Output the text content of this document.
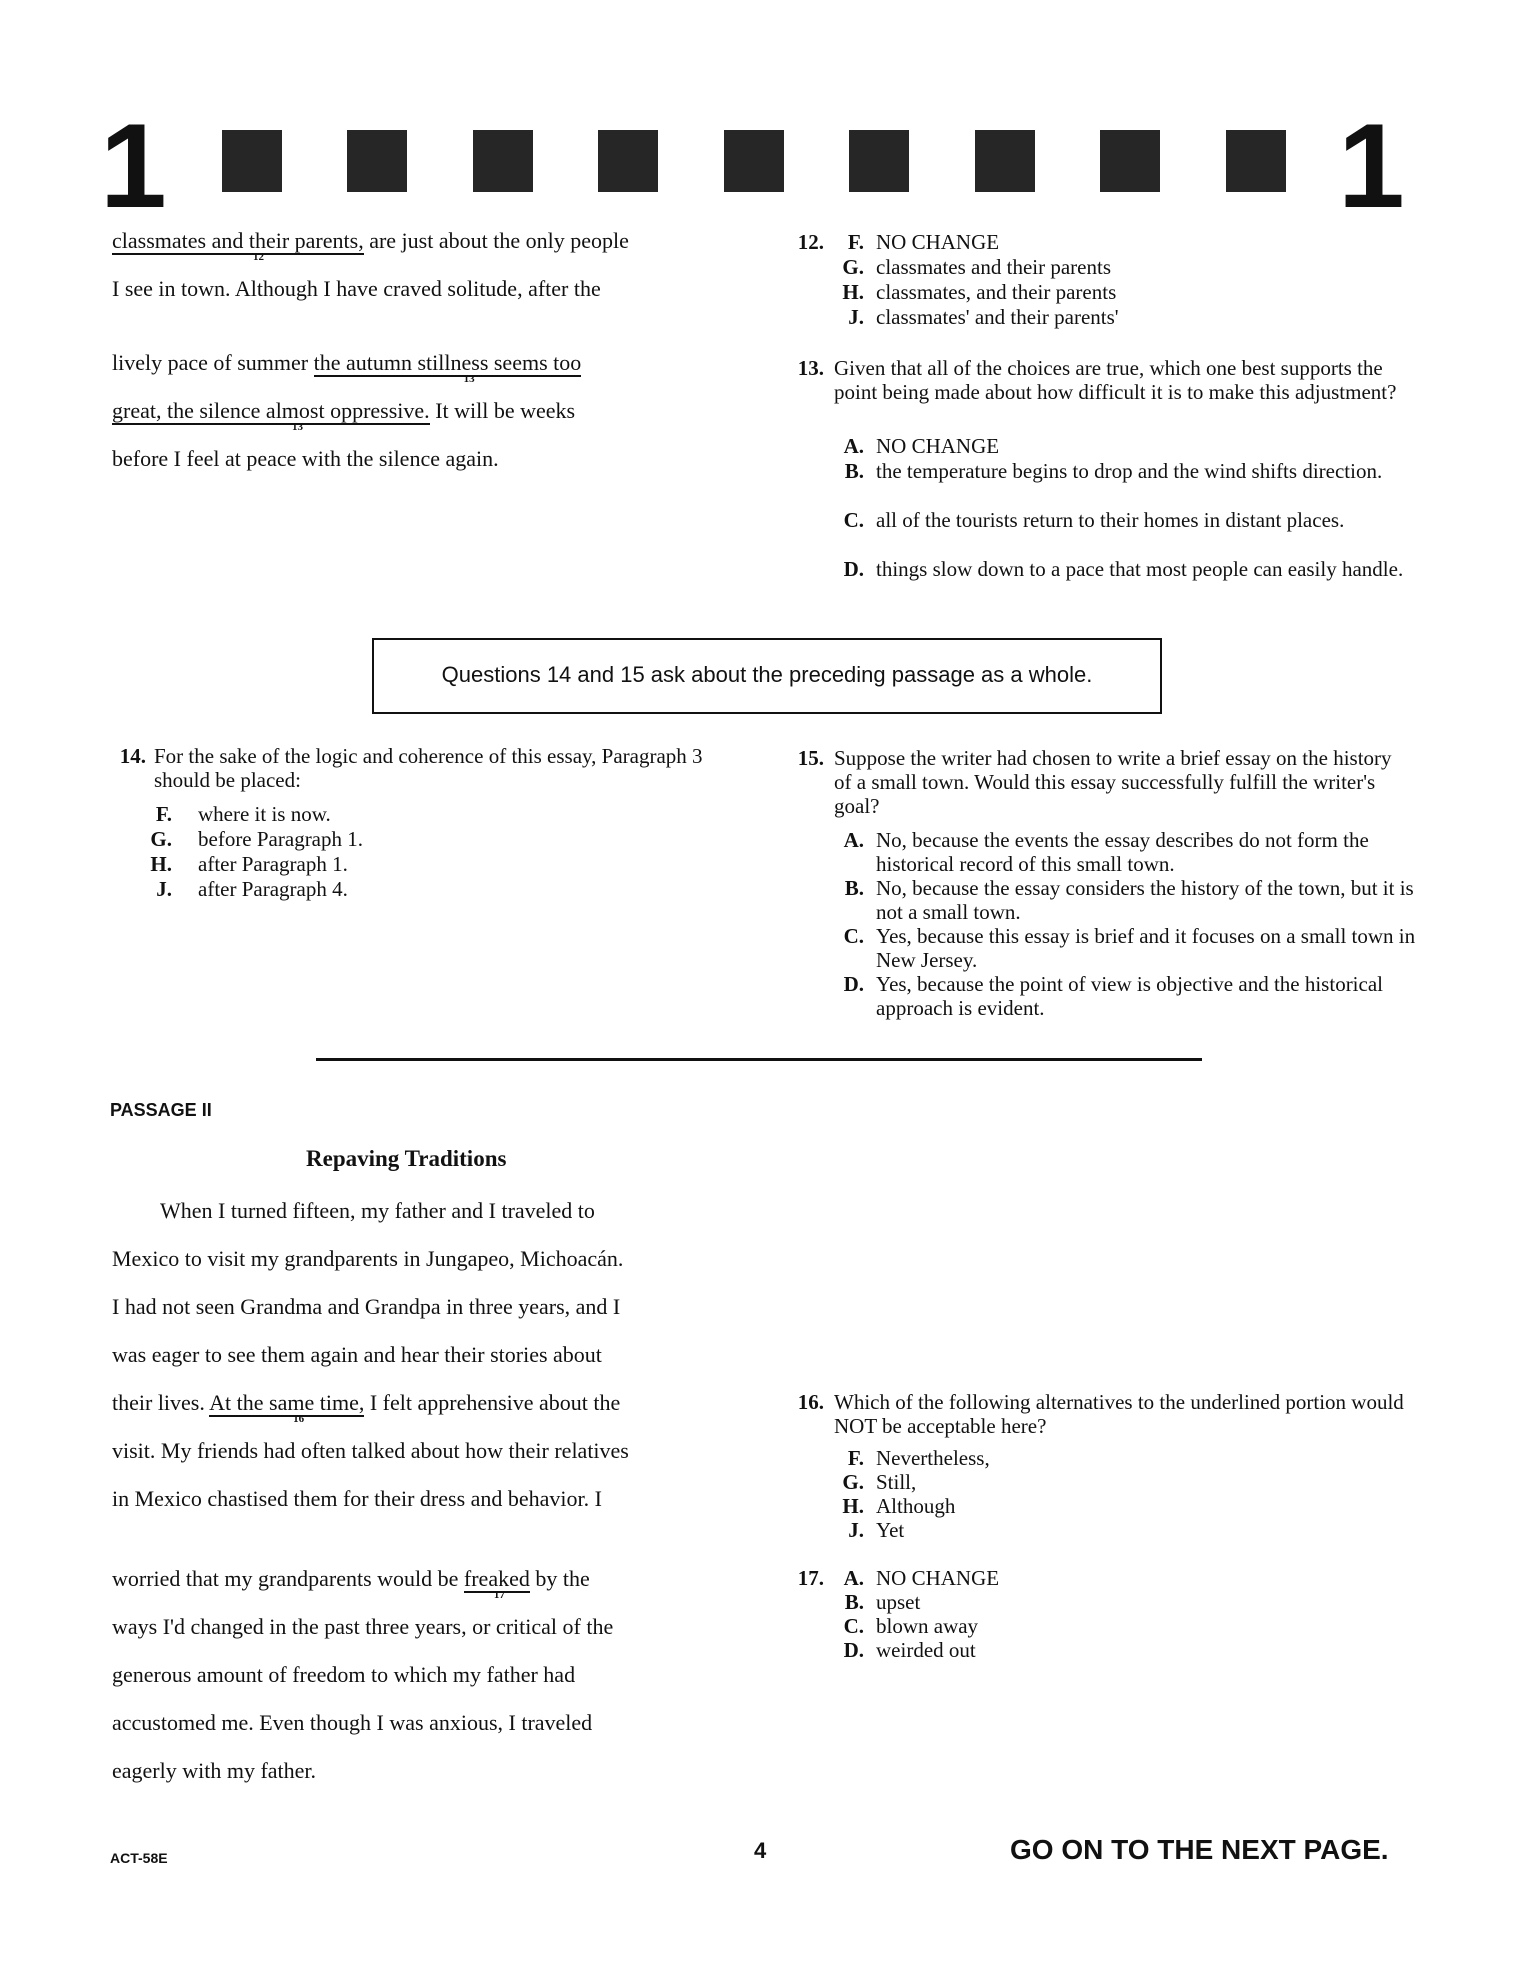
1	1
classmates and their parents,
12
are just about the only people
I see in town. Although I have craved solitude, after the
lively pace of summer the autumn stillness seems too
13
great, the silence almost oppressive.
13
It will be weeks
before I feel at peace with the silence again.
12.	F. NO CHANGE
G. classmates and their parents
H. classmates, and their parents
J. classmates' and their parents'
13. Given that all of the choices are true, which one best supports the point being made about how difficult it is to make this adjustment?
A. NO CHANGE
B. the temperature begins to drop and the wind shifts direction.
C. all of the tourists return to their homes in distant places.
D. things slow down to a pace that most people can easily handle.
Questions 14 and 15 ask about the preceding passage as a whole.
14. For the sake of the logic and coherence of this essay, Paragraph 3 should be placed:
F. where it is now.
G. before Paragraph 1.
H. after Paragraph 1.
J. after Paragraph 4.
15. Suppose the writer had chosen to write a brief essay on the history of a small town. Would this essay successfully fulfill the writer's goal?
A. No, because the events the essay describes do not form the historical record of this small town.
B. No, because the essay considers the history of the town, but it is not a small town.
C. Yes, because this essay is brief and it focuses on a small town in New Jersey.
D. Yes, because the point of view is objective and the historical approach is evident.
PASSAGE II
Repaving Traditions
When I turned fifteen, my father and I traveled to
Mexico to visit my grandparents in Jungapeo, Michoacán.
I had not seen Grandma and Grandpa in three years, and I
was eager to see them again and hear their stories about
their lives. At the same time,
16
I felt apprehensive about the
visit. My friends had often talked about how their relatives
in Mexico chastised them for their dress and behavior. I
worried that my grandparents would be freaked
17
by the
ways I'd changed in the past three years, or critical of the
generous amount of freedom to which my father had
accustomed me. Even though I was anxious, I traveled
eagerly with my father.
16. Which of the following alternatives to the underlined portion would NOT be acceptable here?
F. Nevertheless,
G. Still,
H. Although
J. Yet
17. A. NO CHANGE
B. upset
C. blown away
D. weirded out
ACT-58E	4	GO ON TO THE NEXT PAGE.
